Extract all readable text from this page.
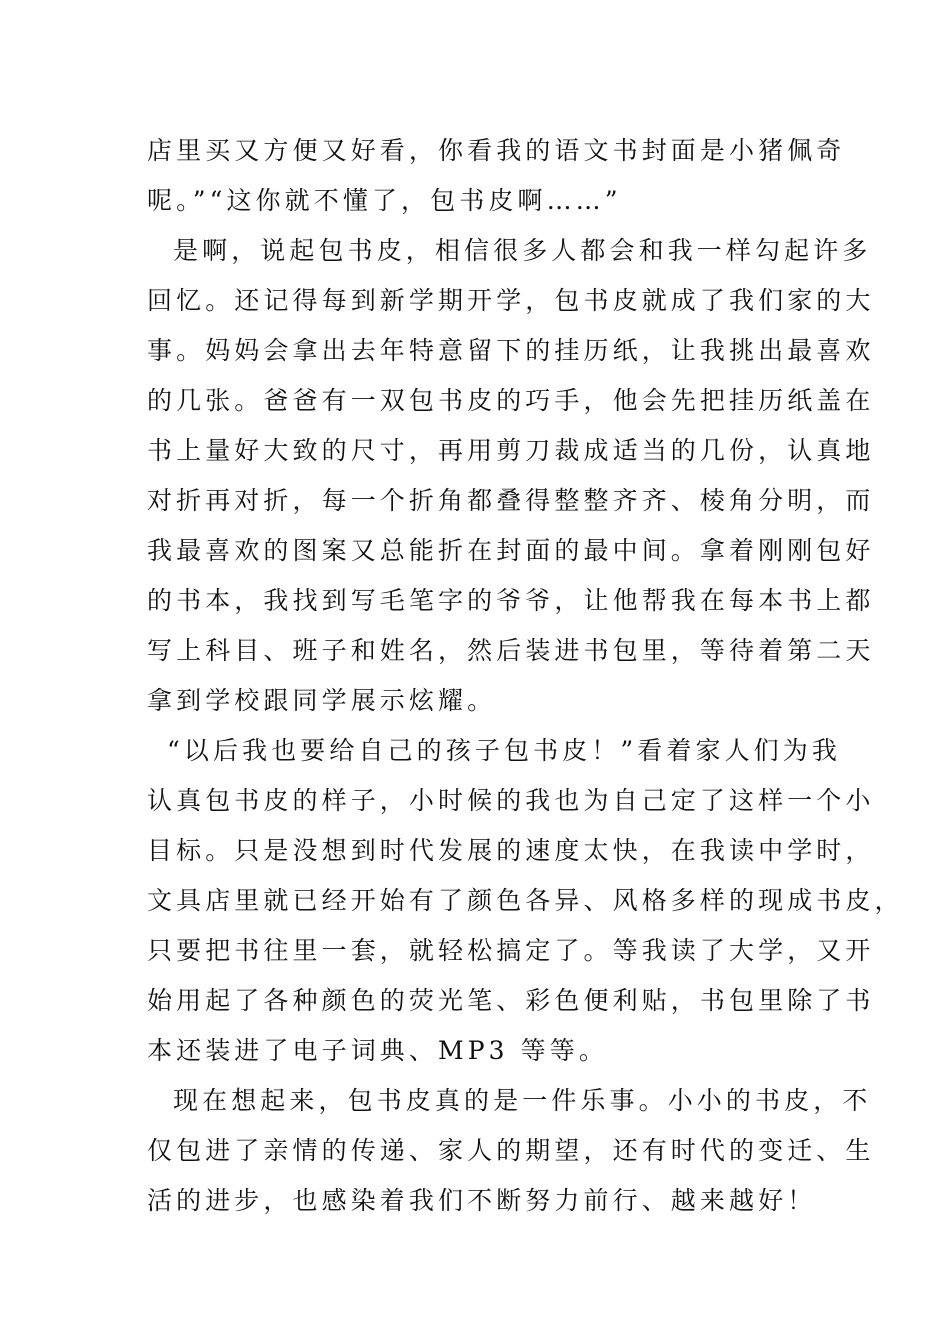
店里买又方便又好看，你看我的语文书封面是小猪佩奇
呢。”“这你就不懂了，包书皮啊……”
是啊，说起包书皮，相信很多人都会和我一样勾起许多
回忆。还记得每到新学期开学，包书皮就成了我们家的大
事。妈妈会拿出去年特意留下的挂历纸，让我挑出最喜欢
的几张。爸爸有一双包书皮的巧手，他会先把挂历纸盖在
书上量好大致的尺寸，再用剪刀裁成适当的几份，认真地
对折再对折，每一个折角都叠得整整齐齐、棱角分明，而
我最喜欢的图案又总能折在封面的最中间。拿着刚刚包好
的书本，我找到写毛笔字的爷爷，让他帮我在每本书上都
写上科目、班子和姓名，然后装进书包里，等待着第二天
拿到学校跟同学展示炫耀。
“以后我也要给自己的孩子包书皮！”看着家人们为我
认真包书皮的样子，小时候的我也为自己定了这样一个小
目标。只是没想到时代发展的速度太快，在我读中学时，
文具店里就已经开始有了颜色各异、风格多样的现成书皮，
只要把书往里一套，就轻松搞定了。等我读了大学，又开
始用起了各种颜色的荧光笔、彩色便利贴，书包里除了书
本还装进了电子词典、MP3 等等。
现在想起来，包书皮真的是一件乐事。小小的书皮，不
仅包进了亲情的传递、家人的期望，还有时代的变迁、生
活的进步，也感染着我们不断努力前行、越来越好！
